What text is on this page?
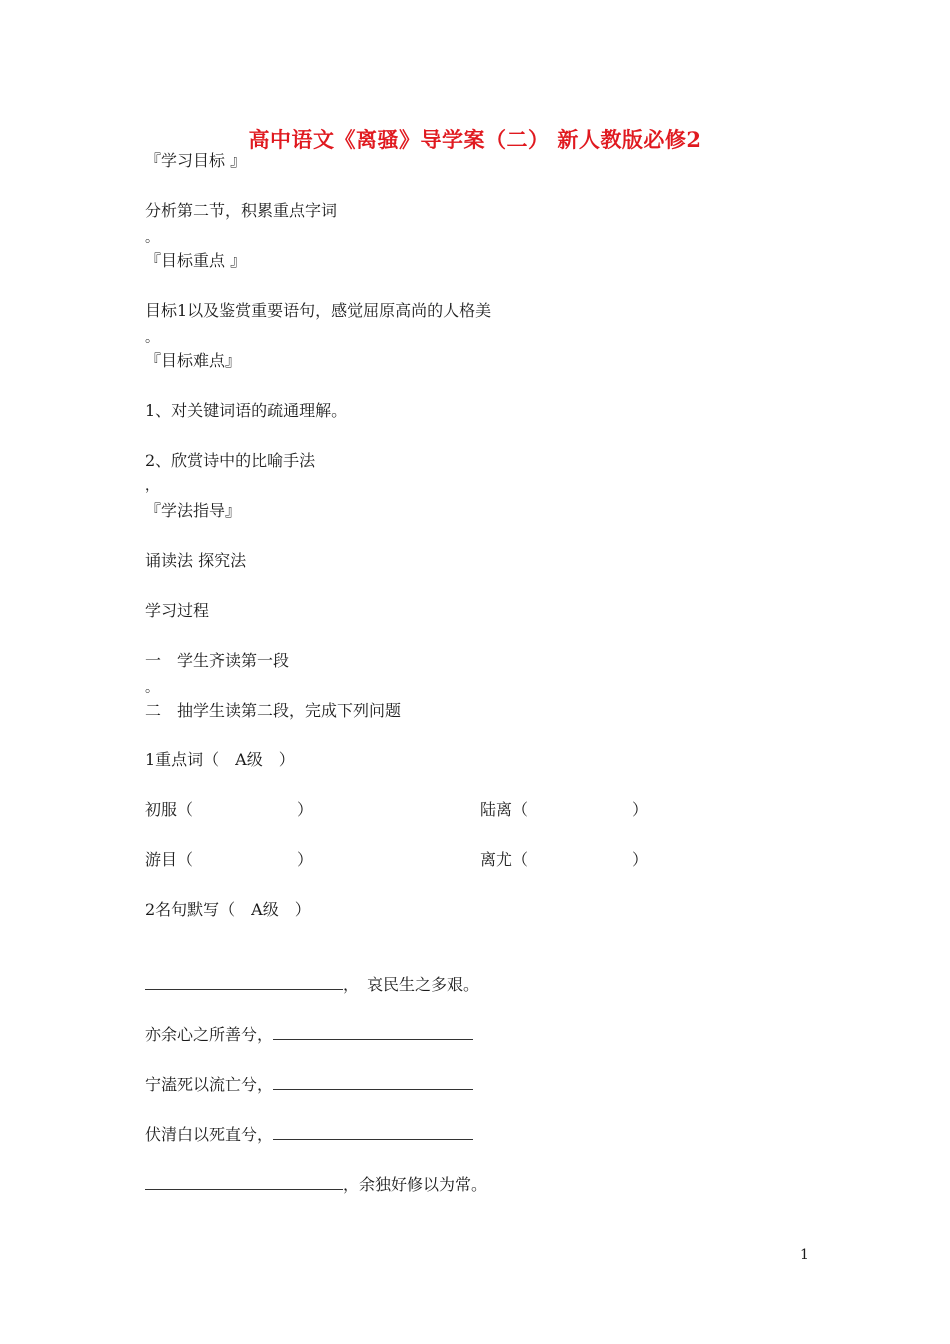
高中语文《离骚》导学案（二） 新人教版必修2
『学习目标 』
分析第二节，积累重点字词
。
『目标重点 』
目标1以及鉴赏重要语句，感觉屈原高尚的人格美
。
『目标难点』
1、对关键词语的疏通理解。
2、欣赏诗中的比喻手法
，
『学法指导』
诵读法 探究法
学习过程
一　学生齐读第一段
。
二　抽学生读第二段，完成下列问题
1重点词（　A级　）
初服（	）	陆离（	）
游目（	）	离尤（	）
2名句默写（　A级　）
，　哀民生之多艰。
亦余心之所善兮，
宁溘死以流亡兮，
伏清白以死直兮，
，余独好修以为常。
1
